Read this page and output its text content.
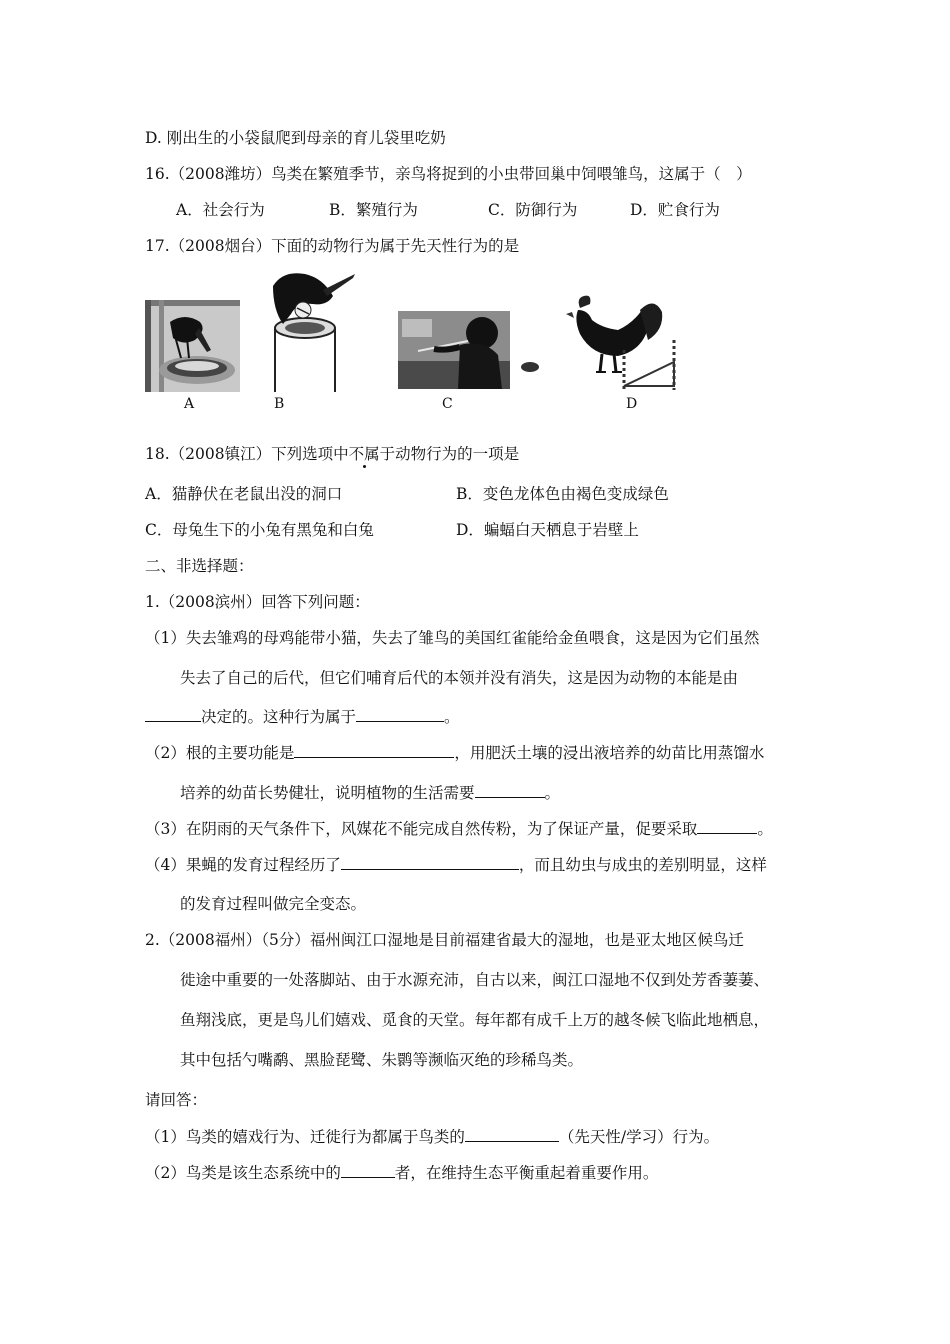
D. 刚出生的小袋鼠爬到母亲的育儿袋里吃奶
16.（2008潍坊）鸟类在繁殖季节，亲鸟将捉到的小虫带回巢中饲喂雏鸟，这属于（　）
A．社会行为	B．繁殖行为	C．防御行为	D．贮食行为
17.（2008烟台）下面的动物行为属于先天性行为的是
A	B	C	D
18.（2008镇江）下列选项中不属于动物行为的一项是
A．猫静伏在老鼠出没的洞口	B．变色龙体色由褐色变成绿色
C．母兔生下的小兔有黑兔和白兔	D．蝙蝠白天栖息于岩壁上
二、非选择题：
1.（2008滨州）回答下列问题：
（1）失去雏鸡的母鸡能带小猫，失去了雏鸟的美国红雀能给金鱼喂食，这是因为它们虽然
失去了自己的后代，但它们哺育后代的本领并没有消失，这是因为动物的本能是由
决定的。这种行为属于	。
（2）根的主要功能是	，用肥沃土壤的浸出液培养的幼苗比用蒸馏水
培养的幼苗长势健壮，说明植物的生活需要	。
（3）在阴雨的天气条件下，风媒花不能完成自然传粉，为了保证产量，促要采取	。
（4）果蝇的发育过程经历了	，而且幼虫与成虫的差别明显，这样
的发育过程叫做完全变态。
2.（2008福州）（5分）福州闽江口湿地是目前福建省最大的湿地，也是亚太地区候鸟迁
徙途中重要的一处落脚站、由于水源充沛，自古以来，闽江口湿地不仅到处芳香萋萋、
鱼翔浅底，更是鸟儿们嬉戏、觅食的天堂。每年都有成千上万的越冬候飞临此地栖息，
其中包括勺嘴鹬、黑脸琵鹭、朱鹮等濒临灭绝的珍稀鸟类。
请回答：
（1）鸟类的嬉戏行为、迁徙行为都属于鸟类的	（先天性/学习）行为。
（2）鸟类是该生态系统中的	者，在维持生态平衡重起着重要作用。
